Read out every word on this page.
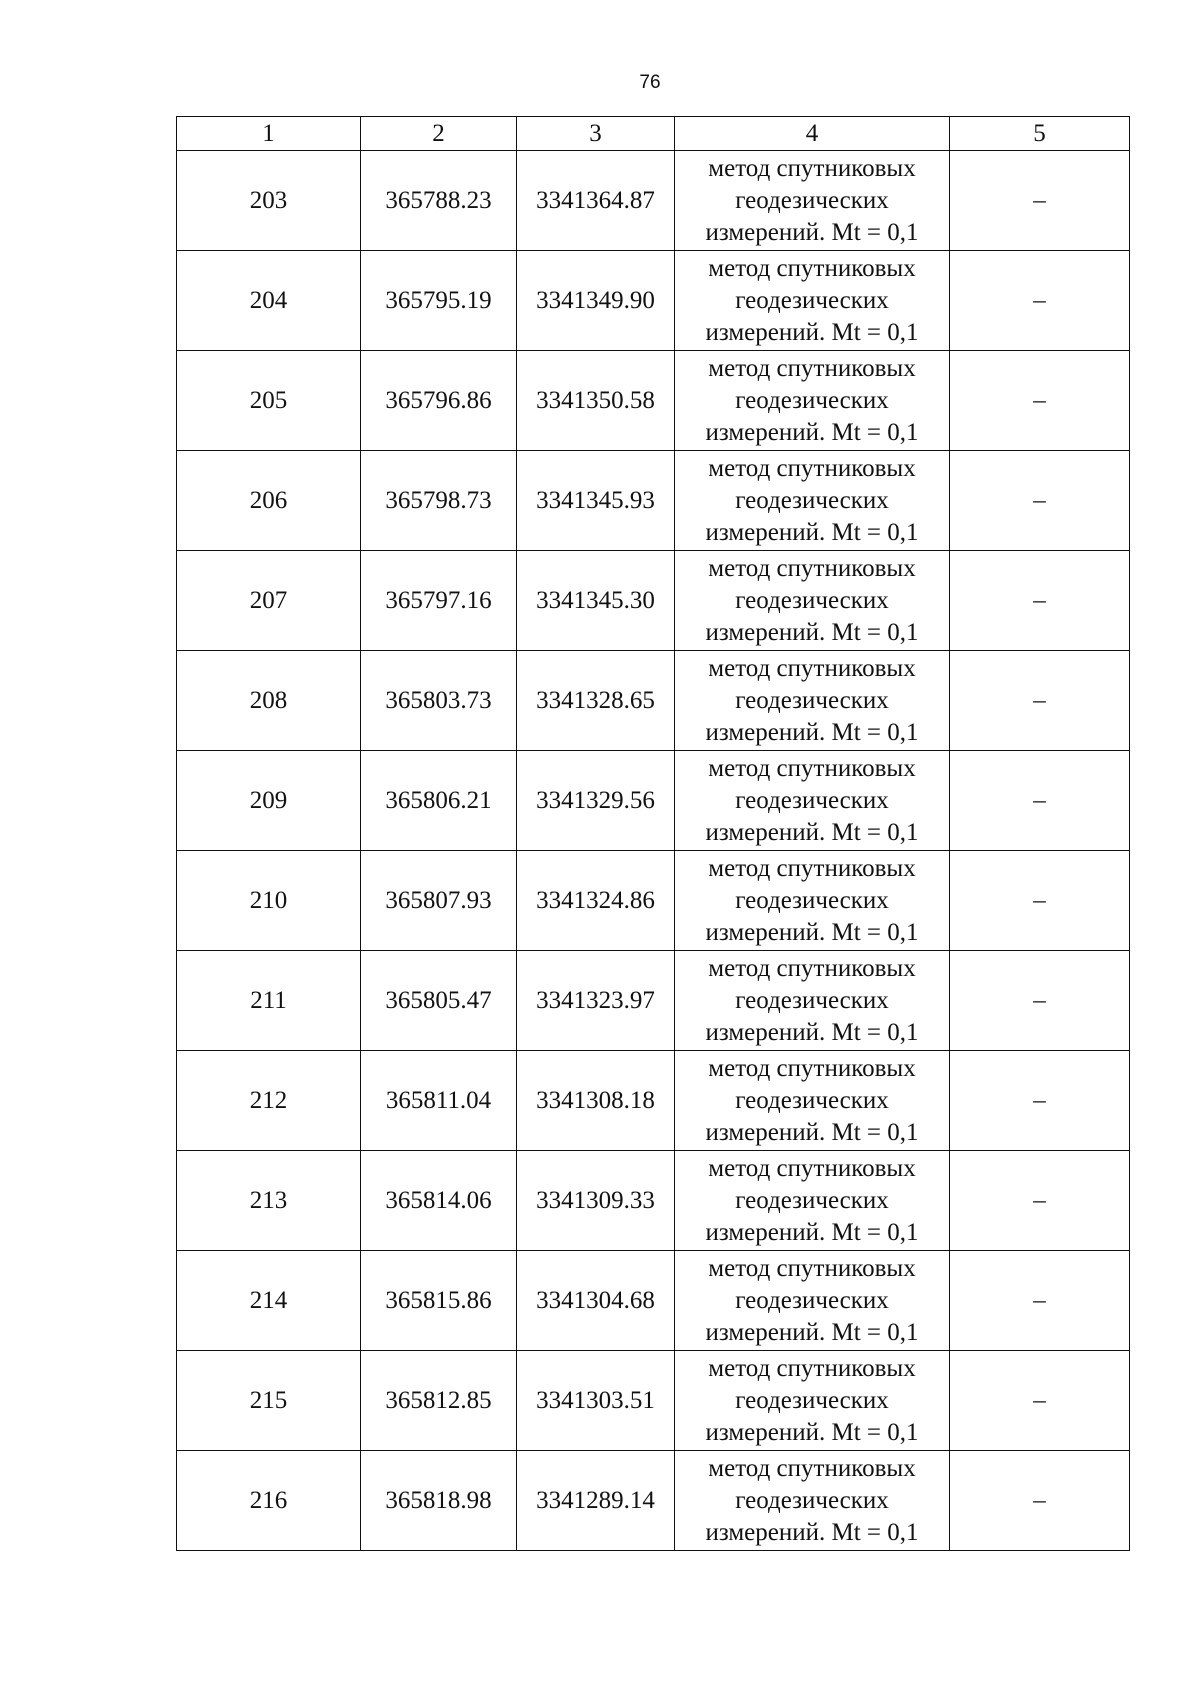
76
1	2	3	4	5
203	365788.23	3341364.87	метод спутниковых
геодезических
измерений. Mt = 0,1	–
204	365795.19	3341349.90	метод спутниковых
геодезических
измерений. Mt = 0,1	–
205	365796.86	3341350.58	метод спутниковых
геодезических
измерений. Mt = 0,1	–
206	365798.73	3341345.93	метод спутниковых
геодезических
измерений. Mt = 0,1	–
207	365797.16	3341345.30	метод спутниковых
геодезических
измерений. Mt = 0,1	–
208	365803.73	3341328.65	метод спутниковых
геодезических
измерений. Mt = 0,1	–
209	365806.21	3341329.56	метод спутниковых
геодезических
измерений. Mt = 0,1	–
210	365807.93	3341324.86	метод спутниковых
геодезических
измерений. Mt = 0,1	–
211	365805.47	3341323.97	метод спутниковых
геодезических
измерений. Mt = 0,1	–
212	365811.04	3341308.18	метод спутниковых
геодезических
измерений. Mt = 0,1	–
213	365814.06	3341309.33	метод спутниковых
геодезических
измерений. Mt = 0,1	–
214	365815.86	3341304.68	метод спутниковых
геодезических
измерений. Mt = 0,1	–
215	365812.85	3341303.51	метод спутниковых
геодезических
измерений. Mt = 0,1	–
216	365818.98	3341289.14	метод спутниковых
геодезических
измерений. Mt = 0,1	–
